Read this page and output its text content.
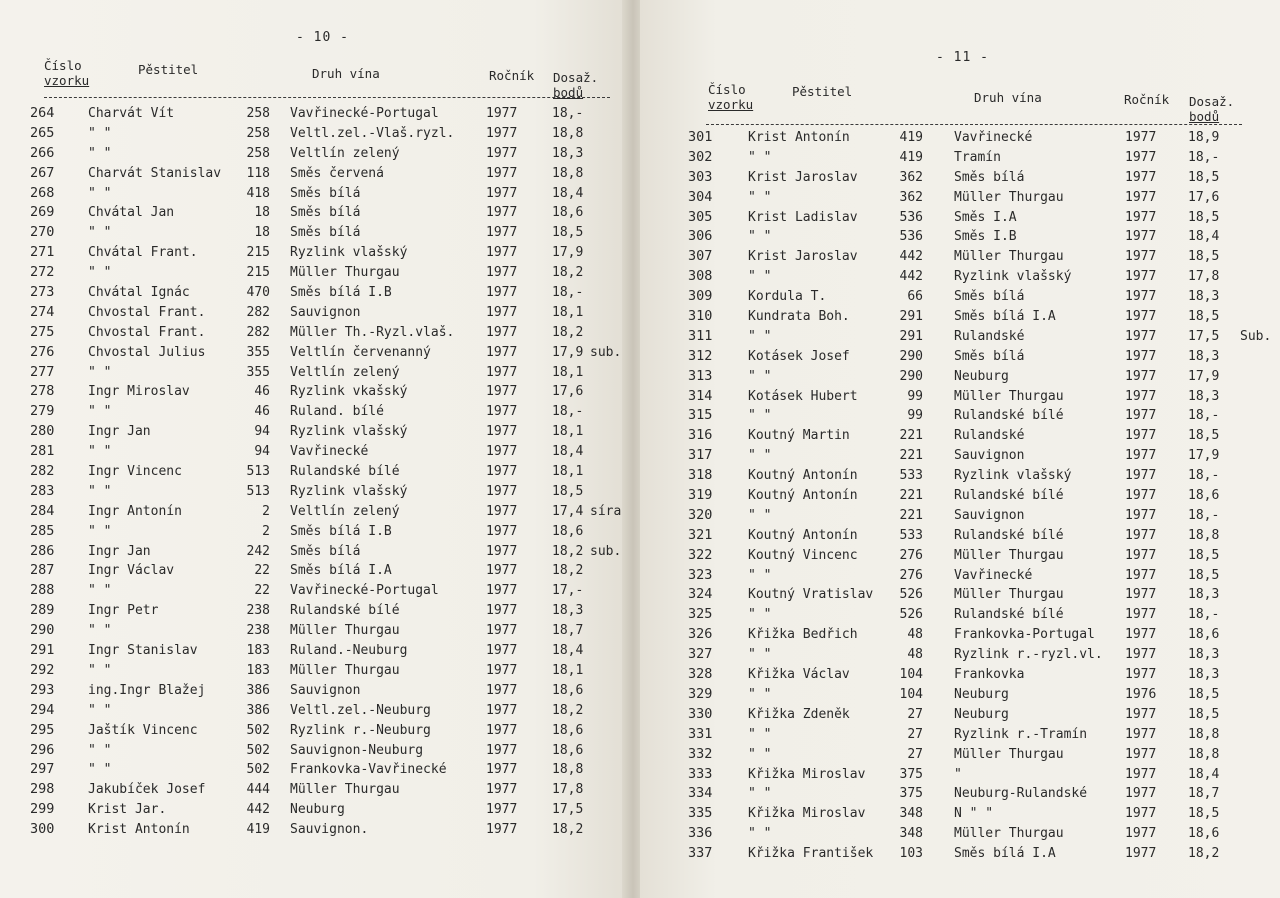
- 10 -
Číslo
vzorku
Pěstitel	Druh vína	Ročník Dosaž.
bodů
264	Charvát Vít	258 Vavřinecké-Portugal	1977	18,-
265	" "	258 Veltl.zel.-Vlaš.ryzl. 1977	18,8
266	" "	258 Veltlín zelený	1977	18,3
267	Charvát Stanislav	118 Směs červená	1977	18,8
268	" "	418 Směs bílá	1977	18,4
269	Chvátal Jan	18 Směs bílá	1977	18,6
270	" "	18 Směs bílá	1977	18,5
271	Chvátal Frant.	215 Ryzlink vlašský	1977	17,9
272	" "	215 Müller Thurgau	1977	18,2
273	Chvátal Ignác	470 Směs bílá I.B	1977	18,-
274	Chvostal Frant.	282 Sauvignon	1977	18,1
275	Chvostal Frant.	282 Müller Th.-Ryzl.vlaš. 1977	18,2
276	Chvostal Julius	355 Veltlín červenanný	1977	17,9 sub.
277	" "	355 Veltlín zelený	1977	18,1
278	Ingr Miroslav	46 Ryzlink vkašský	1977	17,6
279	" "	46 Ruland. bílé	1977	18,-
280	Ingr Jan	94 Ryzlink vlašský	1977	18,1
281	" "	94 Vavřinecké	1977	18,4
282	Ingr Vincenc	513 Rulandské bílé	1977	18,1
283	" "	513 Ryzlink vlašský	1977	18,5
284	Ingr Antonín	2 Veltlín zelený	1977	17,4 síra
285	" "	2 Směs bílá I.B	1977	18,6
286	Ingr Jan	242 Směs bílá	1977	18,2 sub.
287	Ingr Václav	22 Směs bílá I.A	1977	18,2
288	" "	22 Vavřinecké-Portugal	1977	17,-
289	Ingr Petr	238 Rulandské bílé	1977	18,3
290	" "	238 Müller Thurgau	1977	18,7
291	Ingr Stanislav	183 Ruland.-Neuburg	1977	18,4
292	" "	183 Müller Thurgau	1977	18,1
293	ing.Ingr Blažej	386 Sauvignon	1977	18,6
294	" "	386 Veltl.zel.-Neuburg	1977	18,2
295	Jaštík Vincenc	502 Ryzlink r.-Neuburg	1977	18,6
296	" "	502 Sauvignon-Neuburg	1977	18,6
297	" "	502 Frankovka-Vavřinecké	1977	18,8
298	Jakubíček Josef	444 Müller Thurgau	1977	17,8
299	Krist Jar.	442 Neuburg	1977	17,5
300	Krist Antonín	419 Sauvignon.	1977	18,2
- 11 -
Číslo
vzorku
Pěstitel	Druh vína	Ročník Dosaž.
bodů
301	Krist Antonín	419 Vavřinecké	1977 18,9
302	" "	419 Tramín	1977 18,-
303	Krist Jaroslav	362 Směs bílá	1977 18,5
304	" "	362 Müller Thurgau	1977 17,6
305	Krist Ladislav	536 Směs I.A	1977 18,5
306	" "	536 Směs I.B	1977 18,4
307	Krist Jaroslav	442 Müller Thurgau	1977 18,5
308	" "	442 Ryzlink vlašský	1977 17,8
309	Kordula T.	66 Směs bílá	1977 18,3
310	Kundrata Boh.	291 Směs bílá I.A	1977 18,5
311	" "	291 Rulandské	1977 17,5 Sub.
312	Kotásek Josef	290 Směs bílá	1977 18,3
313	" "	290 Neuburg	1977 17,9
314	Kotásek Hubert	99 Müller Thurgau	1977 18,3
315	" "	99 Rulandské bílé	1977 18,-
316	Koutný Martin	221 Rulandské	1977 18,5
317	" "	221 Sauvignon	1977 17,9
318	Koutný Antonín	533 Ryzlink vlašský	1977 18,-
319	Koutný Antonín	221 Rulandské bílé	1977 18,6
320	" "	221 Sauvignon	1977 18,-
321	Koutný Antonín	533 Rulandské bílé	1977 18,8
322	Koutný Vincenc	276 Müller Thurgau	1977 18,5
323	" "	276 Vavřinecké	1977 18,5
324	Koutný Vratislav	526 Müller Thurgau	1977 18,3
325	" "	526 Rulandské bílé	1977 18,-
326	Křižka Bedřich	48 Frankovka-Portugal 1977 18,6
327	" "	48 Ryzlink r.-ryzl.vl. 1977 18,3
328	Křižka Václav	104 Frankovka	1977 18,3
329	" "	104 Neuburg	1976 18,5
330	Křižka Zdeněk	27 Neuburg	1977 18,5
331	" "	27 Ryzlink r.-Tramín	1977 18,8
332	" "	27 Müller Thurgau	1977 18,8
333	Křižka Miroslav	375 "	1977 18,4
334	" "	375 Neuburg-Rulandské	1977 18,7
335	Křižka Miroslav	348 N " "	1977 18,5
336	" "	348 Müller Thurgau	1977 18,6
337	Křižka František	103 Směs bílá I.A	1977 18,2
